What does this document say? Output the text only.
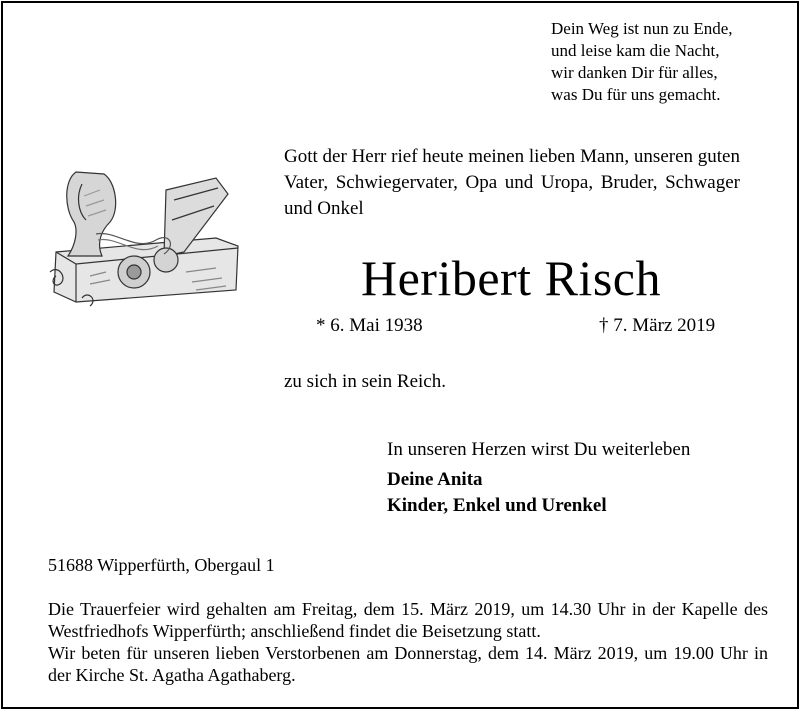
Dein Weg ist nun zu Ende,
und leise kam die Nacht,
wir danken Dir für alles,
was Du für uns gemacht.
Gott der Herr rief heute meinen lieben Mann, unseren guten Vater, Schwiegervater, Opa und Uropa, Bruder, Schwager und Onkel
Heribert Risch
* 6. Mai 1938	† 7. März 2019
zu sich in sein Reich.
In unseren Herzen wirst Du weiterleben
Deine Anita
Kinder, Enkel und Urenkel
51688 Wipperfürth, Obergaul 1

Die Trauerfeier wird gehalten am Freitag, dem 15. März 2019, um 14.30 Uhr in der Kapelle des Westfriedhofs Wipperfürth; anschließend findet die Beisetzung statt.

Wir beten für unseren lieben Verstorbenen am Donnerstag, dem 14. März 2019, um 19.00 Uhr in der Kirche St. Agatha Agathaberg.
